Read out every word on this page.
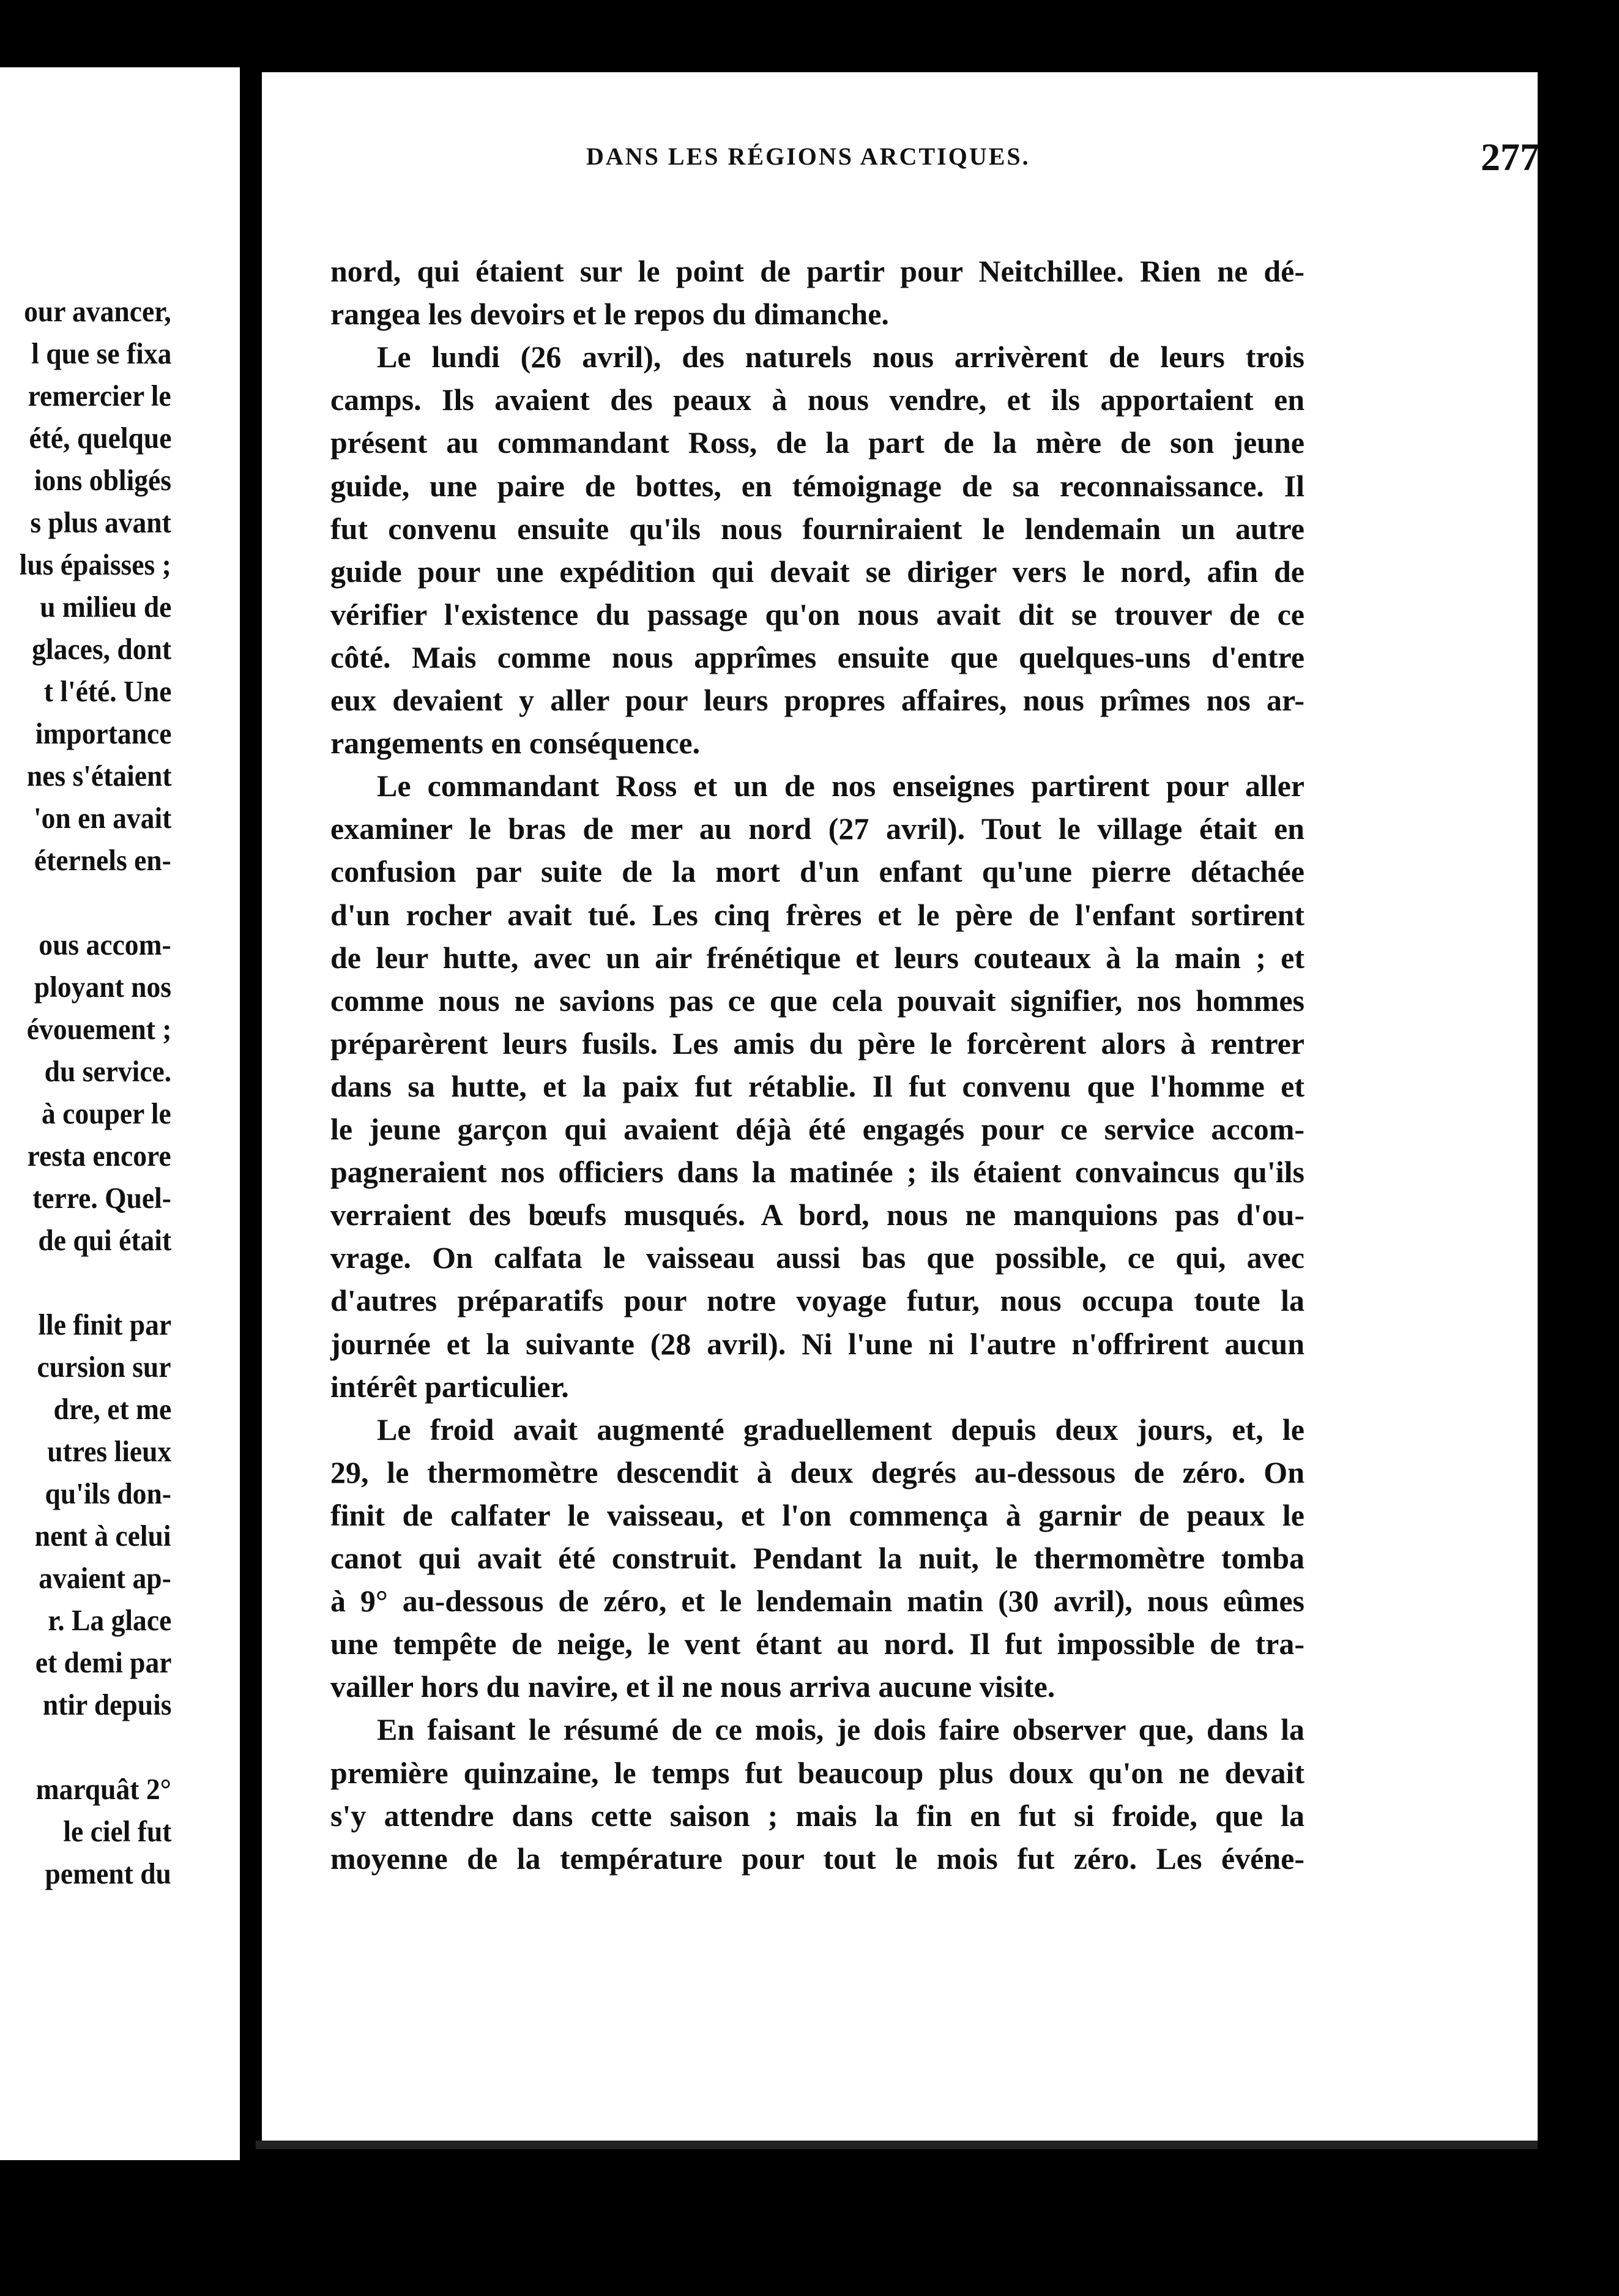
our avancer,
l que se fixa
remercier le
été, quelque
ions obligés
s plus avant
lus épaisses ;
u milieu de
glaces, dont
t l'été. Une
importance
nes s'étaient
'on en avait
éternels en-
ous accom-
ployant nos
évouement ;
du service.
à couper le
resta encore
terre. Quel-
de qui était
lle finit par
cursion sur
dre, et me
utres lieux
qu'ils don-
nent à celui
avaient ap-
r. La glace
et demi par
ntir depuis
marquât 2°
le ciel fut
pement du
DANS LES RÉGIONS ARCTIQUES.	277
nord, qui étaient sur le point de partir pour Neitchillee. Rien ne dé-
rangea les devoirs et le repos du dimanche.
Le lundi (26 avril), des naturels nous arrivèrent de leurs trois
camps. Ils avaient des peaux à nous vendre, et ils apportaient en
présent au commandant Ross, de la part de la mère de son jeune
guide, une paire de bottes, en témoignage de sa reconnaissance. Il
fut convenu ensuite qu'ils nous fourniraient le lendemain un autre
guide pour une expédition qui devait se diriger vers le nord, afin de
vérifier l'existence du passage qu'on nous avait dit se trouver de ce
côté. Mais comme nous apprîmes ensuite que quelques-uns d'entre
eux devaient y aller pour leurs propres affaires, nous prîmes nos ar-
rangements en conséquence.
Le commandant Ross et un de nos enseignes partirent pour aller
examiner le bras de mer au nord (27 avril). Tout le village était en
confusion par suite de la mort d'un enfant qu'une pierre détachée
d'un rocher avait tué. Les cinq frères et le père de l'enfant sortirent
de leur hutte, avec un air frénétique et leurs couteaux à la main ; et
comme nous ne savions pas ce que cela pouvait signifier, nos hommes
préparèrent leurs fusils. Les amis du père le forcèrent alors à rentrer
dans sa hutte, et la paix fut rétablie. Il fut convenu que l'homme et
le jeune garçon qui avaient déjà été engagés pour ce service accom-
pagneraient nos officiers dans la matinée ; ils étaient convaincus qu'ils
verraient des bœufs musqués. A bord, nous ne manquions pas d'ou-
vrage. On calfata le vaisseau aussi bas que possible, ce qui, avec
d'autres préparatifs pour notre voyage futur, nous occupa toute la
journée et la suivante (28 avril). Ni l'une ni l'autre n'offrirent aucun
intérêt particulier.
Le froid avait augmenté graduellement depuis deux jours, et, le
29, le thermomètre descendit à deux degrés au-dessous de zéro. On
finit de calfater le vaisseau, et l'on commença à garnir de peaux le
canot qui avait été construit. Pendant la nuit, le thermomètre tomba
à 9° au-dessous de zéro, et le lendemain matin (30 avril), nous eûmes
une tempête de neige, le vent étant au nord. Il fut impossible de tra-
vailler hors du navire, et il ne nous arriva aucune visite.
En faisant le résumé de ce mois, je dois faire observer que, dans la
première quinzaine, le temps fut beaucoup plus doux qu'on ne devait
s'y attendre dans cette saison ; mais la fin en fut si froide, que la
moyenne de la température pour tout le mois fut zéro. Les événe-
